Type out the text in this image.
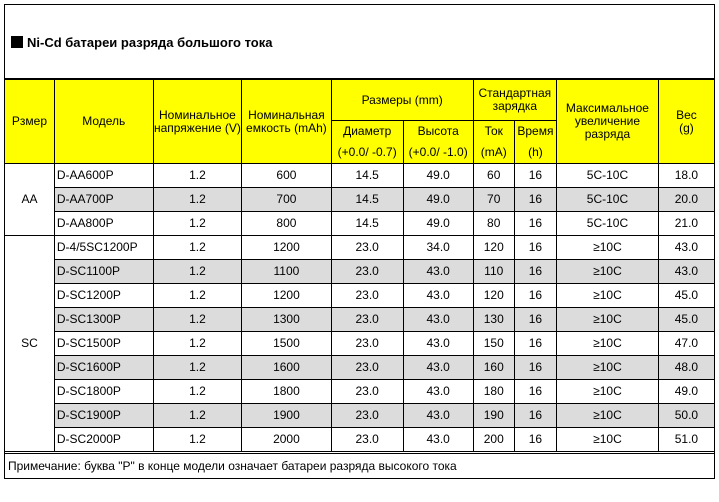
Ni-Cd батареи разряда большого тока
Рзмер	Модель	Номинальное напряжение (V)	Номинальная емкость (mAh)	Размеры (mm)		Стандартная зарядка		Максимальное увеличение разряда	Вес
(g)
				Диаметр	Высота	Ток	Время		
				(+0.0/ -0.7)	(+0.0/ -1.0)	(mA)	(h)		
AA	D-AA600P	1.2	600	14.5	49.0	60	16	5C-10C	18.0
	D-AA700P	1.2	700	14.5	49.0	70	16	5C-10C	20.0
	D-AA800P	1.2	800	14.5	49.0	80	16	5C-10C	21.0
SC	D-4/5SC1200P	1.2	1200	23.0	34.0	120	16	≥10C	43.0
	D-SC1100P	1.2	1100	23.0	43.0	110	16	≥10C	43.0
	D-SC1200P	1.2	1200	23.0	43.0	120	16	≥10C	45.0
	D-SC1300P	1.2	1300	23.0	43.0	130	16	≥10C	45.0
	D-SC1500P	1.2	1500	23.0	43.0	150	16	≥10C	47.0
	D-SC1600P	1.2	1600	23.0	43.0	160	16	≥10C	48.0
	D-SC1800P	1.2	1800	23.0	43.0	180	16	≥10C	49.0
	D-SC1900P	1.2	1900	23.0	43.0	190	16	≥10C	50.0
	D-SC2000P	1.2	2000	23.0	43.0	200	16	≥10C	51.0
Примечание: буква "P" в конце модели означает батареи разряда высокого тока
